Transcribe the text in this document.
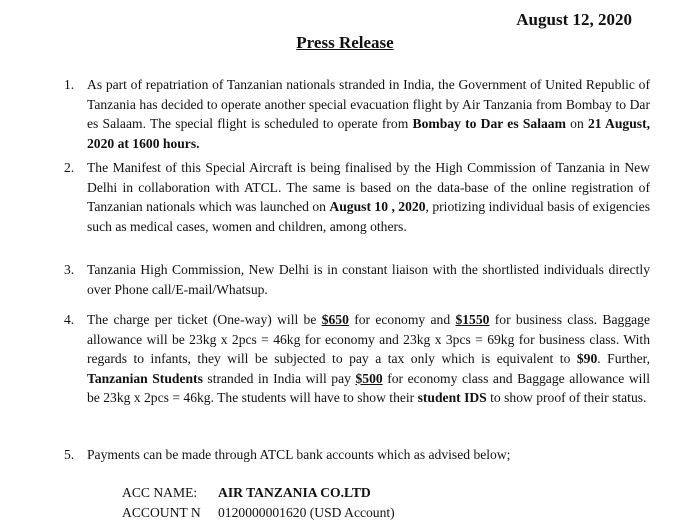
August 12, 2020
Press Release
1. As part of repatriation of Tanzanian nationals stranded in India, the Government of United Republic of Tanzania has decided to operate another special evacuation flight by Air Tanzania from Bombay to Dar es Salaam. The special flight is scheduled to operate from Bombay to Dar es Salaam on 21 August, 2020 at 1600 hours.
2. The Manifest of this Special Aircraft is being finalised by the High Commission of Tanzania in New Delhi in collaboration with ATCL. The same is based on the data-base of the online registration of Tanzanian nationals which was launched on August 10 , 2020, priotizing individual basis of exigencies such as medical cases, women and children, among others.
3. Tanzania High Commission, New Delhi is in constant liaison with the shortlisted individuals directly over Phone call/E-mail/Whatsup.
4. The charge per ticket (One-way) will be $650 for economy and $1550 for business class. Baggage allowance will be 23kg x 2pcs = 46kg for economy and 23kg x 3pcs = 69kg for business class. With regards to infants, they will be subjected to pay a tax only which is equivalent to $90. Further, Tanzanian Students stranded in India will pay $500 for economy class and Baggage allowance will be 23kg x 2pcs = 46kg. The students will have to show their student IDS to show proof of their status.
5. Payments can be made through ATCL bank accounts which as advised below;
ACC NAME: AIR TANZANIA CO.LTD
ACCOUNT N 0120000001620 (USD Account)
